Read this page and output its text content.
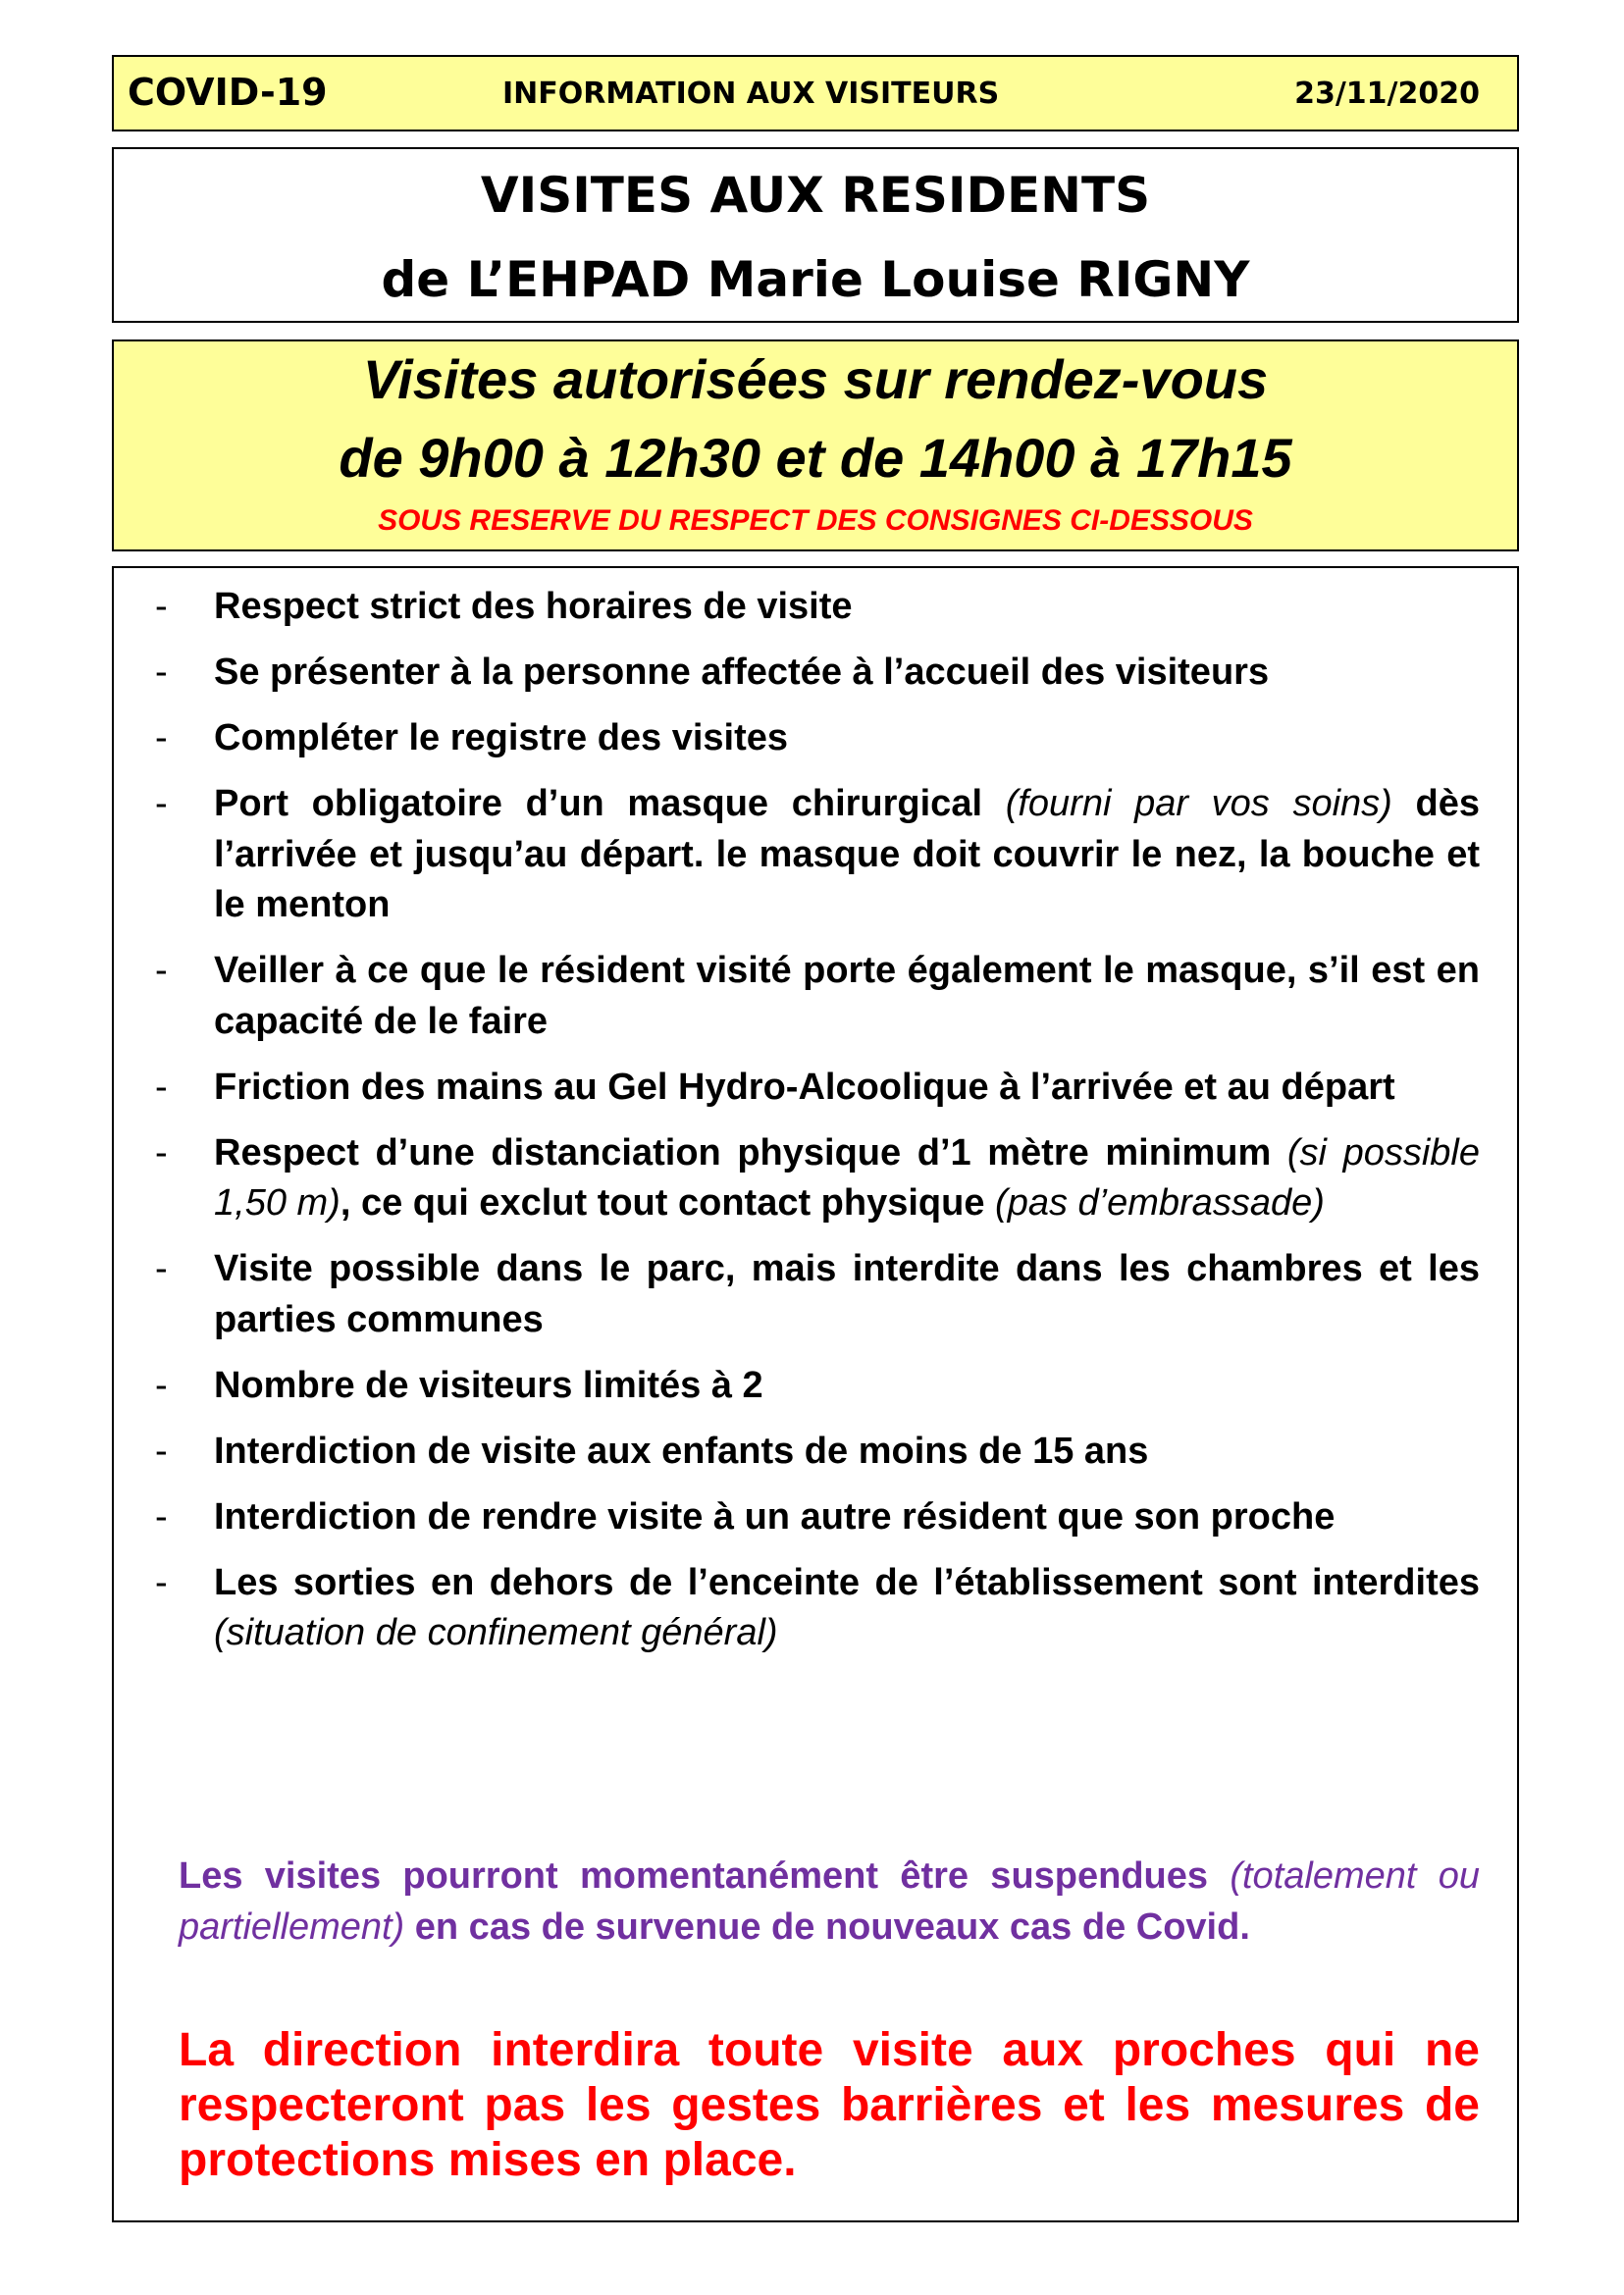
COVID-19	INFORMATION AUX VISITEURS	23/11/2020
VISITES AUX RESIDENTS
de L’EHPAD Marie Louise RIGNY
Visites autorisées sur rendez-vous
de 9h00 à 12h30 et de 14h00 à 17h15
SOUS RESERVE DU RESPECT DES CONSIGNES CI-DESSOUS
- Respect strict des horaires de visite
- Se présenter à la personne affectée à l’accueil des visiteurs
- Compléter le registre des visites
- Port obligatoire d’un masque chirurgical (fourni par vos soins) dès l’arrivée et jusqu’au départ. le masque doit couvrir le nez, la bouche et le menton
- Veiller à ce que le résident visité porte également le masque, s’il est en capacité de le faire
- Friction des mains au Gel Hydro-Alcoolique à l’arrivée et au départ
- Respect d’une distanciation physique d’1 mètre minimum (si possible 1,50 m), ce qui exclut tout contact physique (pas d’embrassade)
- Visite possible dans le parc, mais interdite dans les chambres et les parties communes
- Nombre de visiteurs limités à 2
- Interdiction de visite aux enfants de moins de 15 ans
- Interdiction de rendre visite à un autre résident que son proche
- Les sorties en dehors de l’enceinte de l’établissement sont interdites (situation de confinement général)
Les visites pourront momentanément être suspendues (totalement ou partiellement) en cas de survenue de nouveaux cas de Covid.
La direction interdira toute visite aux proches qui ne respecteront pas les gestes barrières et les mesures de protections mises en place.
